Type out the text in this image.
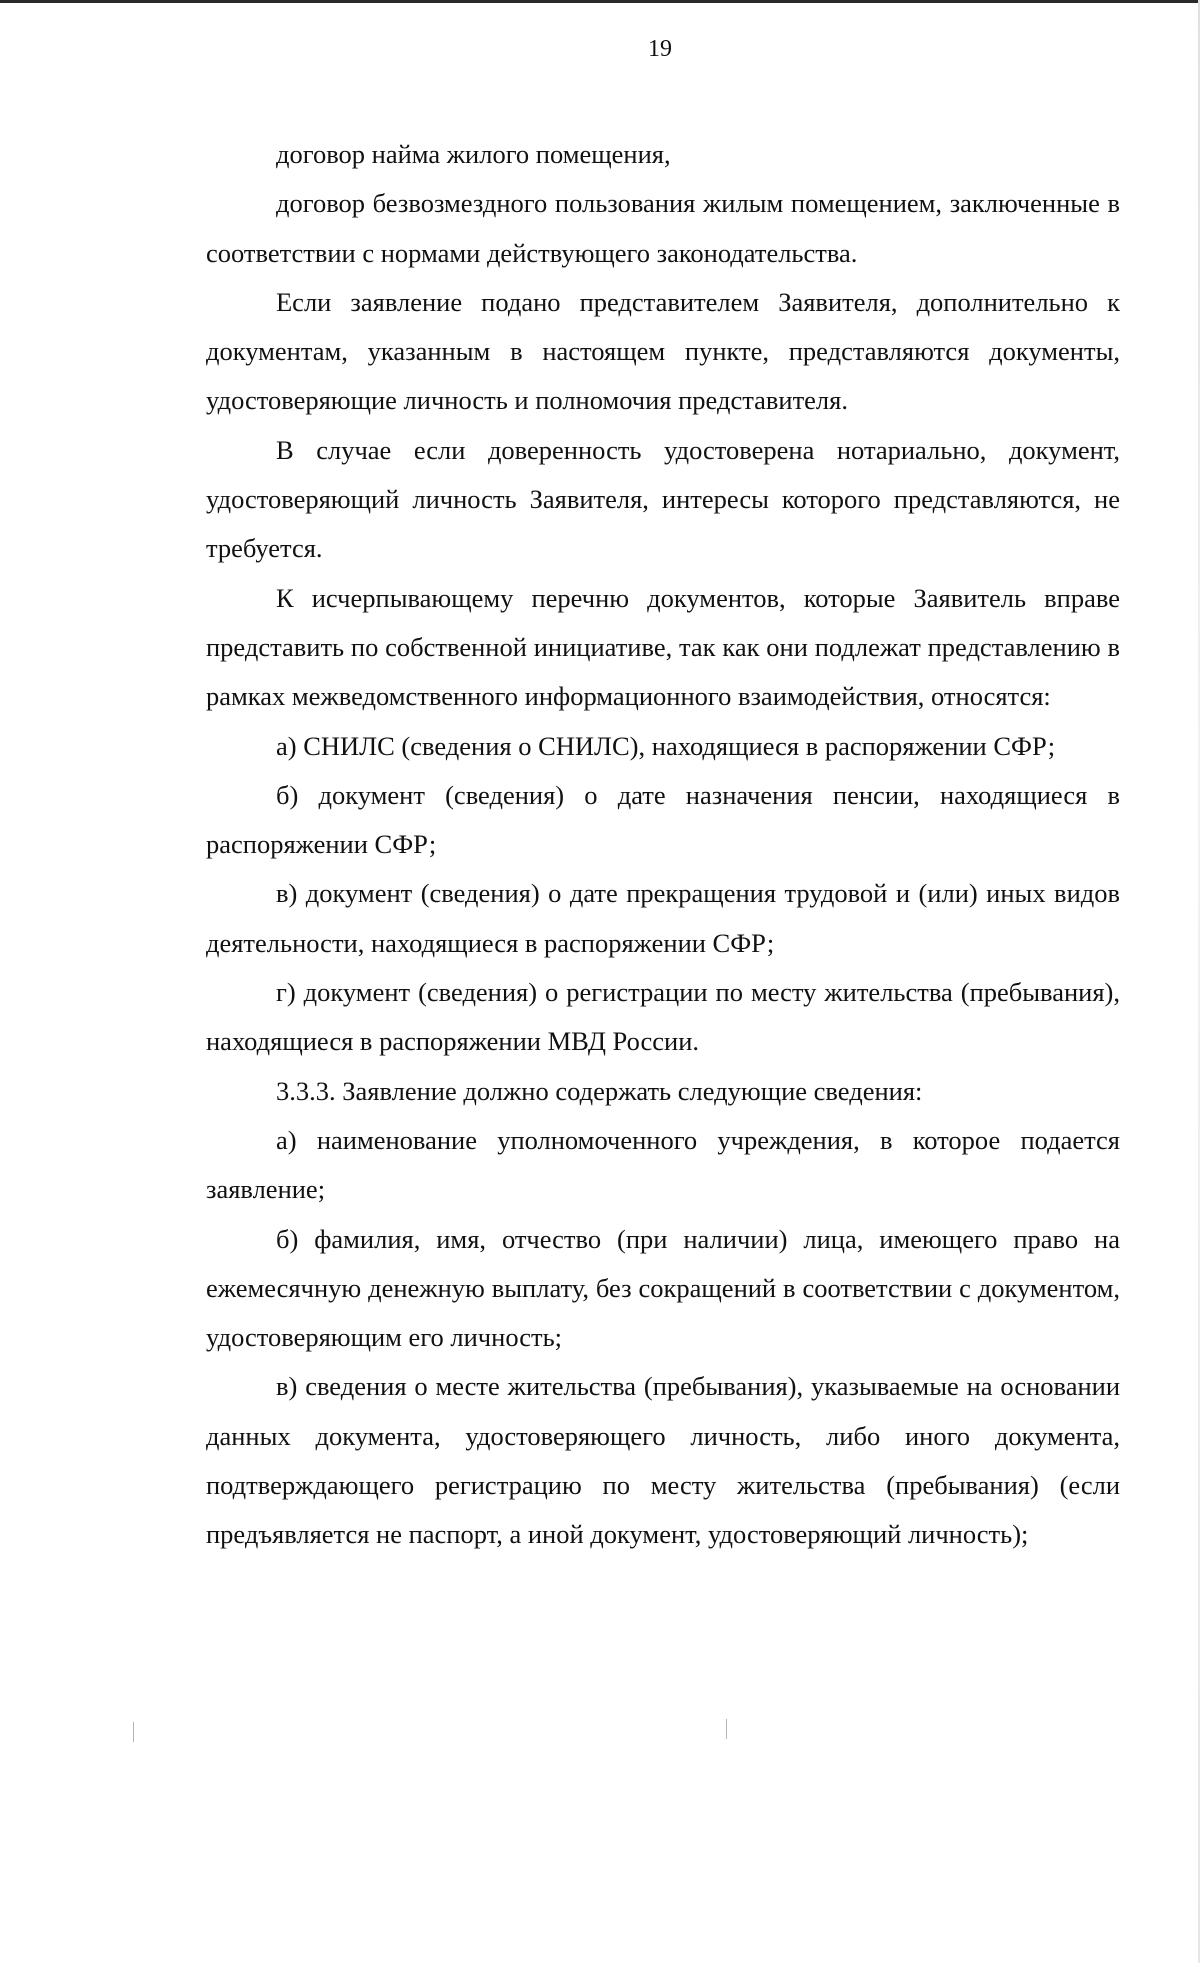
19

договор найма жилого помещения,

договор безвозмездного пользования жилым помещением, заключенные в соответствии с нормами действующего законодательства.

Если заявление подано представителем Заявителя, дополнительно к документам, указанным в настоящем пункте, представляются документы, удостоверяющие личность и полномочия представителя.

В случае если доверенность удостоверена нотариально, документ, удостоверяющий личность Заявителя, интересы которого представляются, не требуется.

К исчерпывающему перечню документов, которые Заявитель вправе представить по собственной инициативе, так как они подлежат представлению в рамках межведомственного информационного взаимодействия, относятся:

а) СНИЛС (сведения о СНИЛС), находящиеся в распоряжении СФР;

б) документ (сведения) о дате назначения пенсии, находящиеся в распоряжении СФР;

в) документ (сведения) о дате прекращения трудовой и (или) иных видов деятельности, находящиеся в распоряжении СФР;

г) документ (сведения) о регистрации по месту жительства (пребывания), находящиеся в распоряжении МВД России.

3.3.3. Заявление должно содержать следующие сведения:

а) наименование уполномоченного учреждения, в которое подается заявление;

б) фамилия, имя, отчество (при наличии) лица, имеющего право на ежемесячную денежную выплату, без сокращений в соответствии с документом, удостоверяющим его личность;

в) сведения о месте жительства (пребывания), указываемые на основании данных документа, удостоверяющего личность, либо иного документа, подтверждающего регистрацию по месту жительства (пребывания) (если предъявляется не паспорт, а иной документ, удостоверяющий личность);
